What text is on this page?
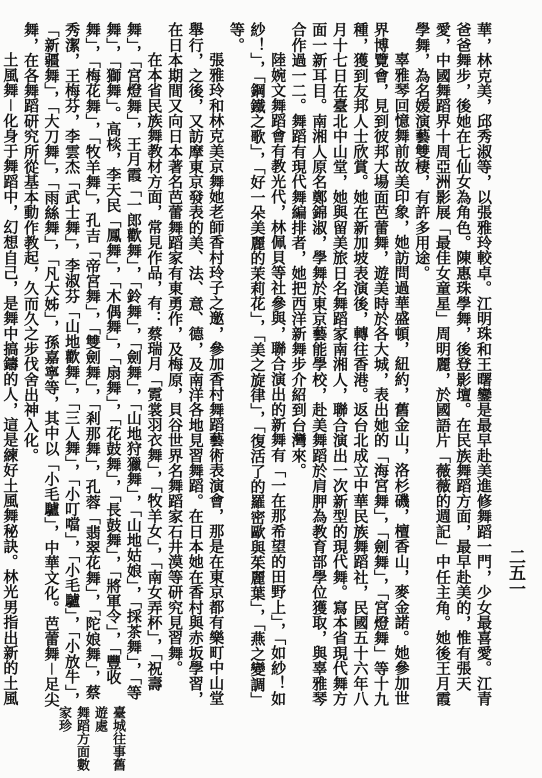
二五一

華，林克美，邱秀淑等，以張雅玲較卓。江明珠和王曙鑾是最早赴美進修舞蹈一門，少女最喜愛。江青爸爸舞步，後她在七仙女為角色。陳惠珠學舞，後登影壇。在民族舞蹈方面，最早赴美的，惟有張天愛，中國舞蹈界十周亞洲影展「最佳女童星」周明麗，於國語片「薇薇的週記」中任主角。她後王月霞學舞，為名媛演藝雙棲，有許多用途。

辜雅琴回憶舞前故美印象，她訪問過華盛頓，紐約，舊金山，洛杉磯，檀香山，麥金諾。她參加世界博覽會，見到彼邦大場面芭蕾舞，遊美時於各大城，表出她的「海宮舞」，「劍舞」，「宮燈舞」等十九種，獲到友邦人士欣賞。她在新加坡表演後，轉往香港。返台北成立中華民族舞蹈社，民國五十六年八月十七日在臺北中山堂，她與留美旅日名舞蹈家南湘人，聯合演出一次新型的現代舞。寫本省現代舞方面一新耳目。南湘人原名鄭錦淑，學舞於東京藝能學校，赴美舞蹈於肩胛為教育部學位獲取，與辜雅琴合作過一二。舞蹈有現代舞編排者，她把西洋新舞步介紹到台灣來。

陸婉文舞蹈會有教光代，林佩貝等社參與，聯合演出的新舞有「一在那希望的田野上」，「如紗！如紗！」，「鋼鐵之歌」，「好一朵美麗的茉莉花」，「美之旋律」，「復活了的羅密歐與茱麗葉」，「燕之變調」等。

張雅玲和林克美京舞她老師香村玲子之邀，參加香村舞蹈藝術表演會，那是在東京都有樂町中山堂舉行，之後，又訪摩東京發表的美、法、意、德，及南洋各地見習舞蹈。在日本她在香村與赤坂學習，在日本期間又向日本著名芭蕾舞蹈家有東勇作，及梅原，貝谷世界名舞蹈家石井漠等研究見習舞。

在本省民族舞教材方面，常見作品，有：蔡瑞月「霓裳羽衣舞」，「牧羊女」，「南女弄杯」，「祝壽舞」，「宮燈舞」，王月霞「一郎歡舞」，「鈴舞」，「劍舞」，「山地狩獵舞」，「山地姑娘」，「採茶舞」，「等舞」，「獅舞」。高棪，李天民「鳳舞」，「木偶舞」，「扇舞」，「花鼓舞」，「長鼓舞」，「將軍令」，「豐收舞」，「梅花舞」，「牧羊舞」，孔吉「帝宮舞」，「雙劍舞」，「剎那舞」，孔蓉「翡翠花舞」，「陀娘舞」，蔡秀潔，王梅芬，李雲杰「武士舞」，李淑芬「山地歡舞」，「三人舞」，「小叮噹」，「小毛驢」，「小放牛」，「新疆舞」，「大刀舞」，「雨絲舞」，「凡大姊」，孫嘉寧等，其中以「小毛驢」，中華文化。芭蕾舞－足尖舞，在各舞蹈研究所從基本動作教起，久而久之步伐舍出神入化。

土風舞－化身于舞蹈中，幻想自己，是舞中搞鑄的人，這是練好土風舞秘訣。林光男指出新的土風

臺城往事舊遊處　　　舞蹈方面數家珍
